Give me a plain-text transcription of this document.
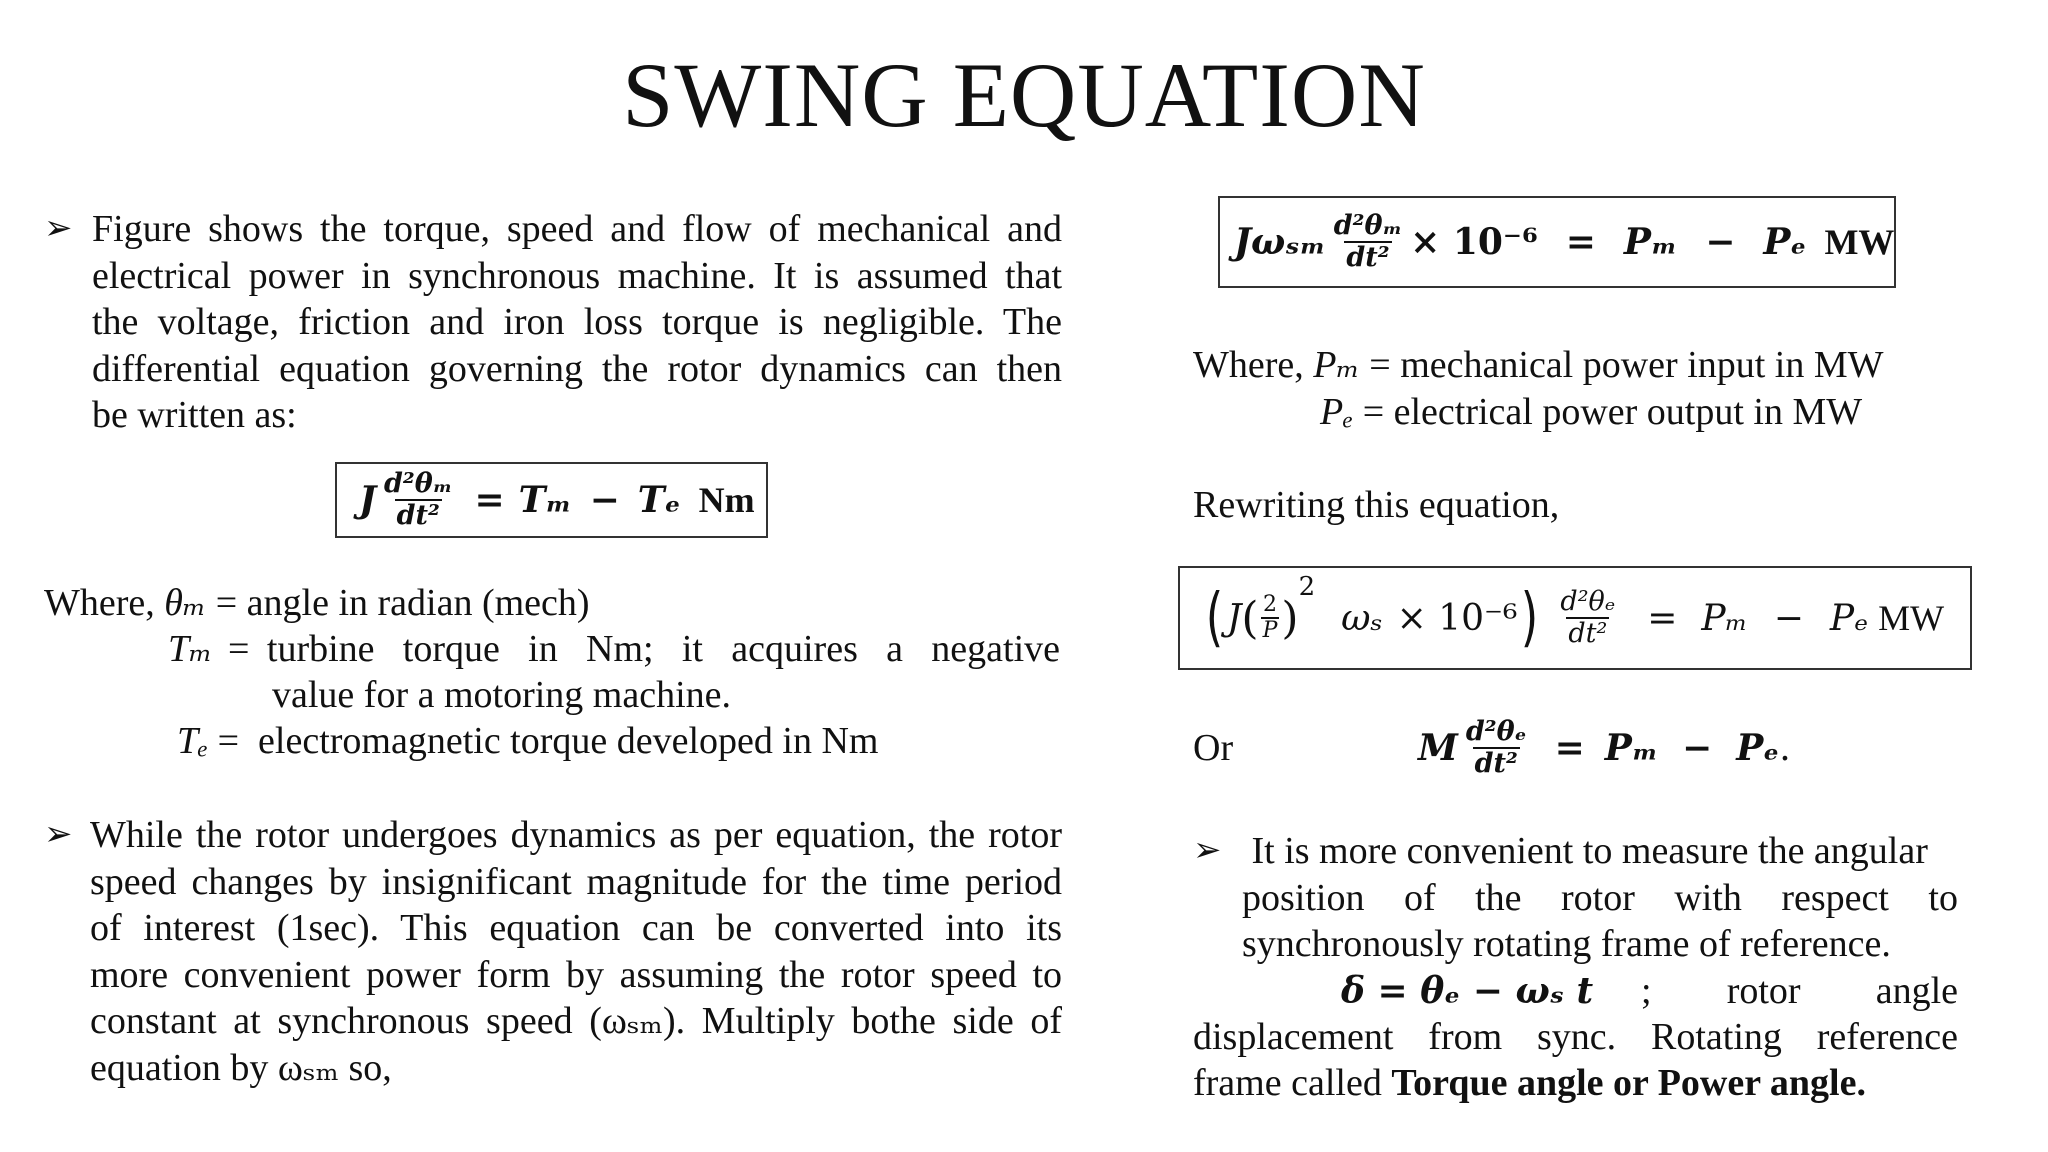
SWING EQUATION
➢ Figure shows the torque, speed and flow of mechanical and
electrical power in synchronous machine. It is assumed that
the voltage, friction and iron loss torque is negligible. The
differential equation governing the rotor dynamics can then
be written as:
J $\frac{\text{d²θₘ}}{\text{dt²}} = T_m - T_e$ Nm
Where, θₘ = angle in radian (mech)
Tₘ = turbine torque in Nm; it acquires a negative
value for a motoring machine.
Tₑ =  electromagnetic torque developed in Nm
➢ While the rotor undergoes dynamics as per equation, the rotor
speed changes by insignificant magnitude for the time period
of interest (1sec). This equation can be converted into its
more convenient power form by assuming the rotor speed to
constant at synchronous speed (ωₛₘ). Multiply bothe side of
equation by ωₛₘ so,
Jωₛₘ $\frac{\text{d²θₘ}}{\text{dt²}} \times 10^{-6} = P_m - P_e$ MW
Where, Pₘ = mechanical power input in MW
Pₑ = electrical power output in MW
Rewriting this equation,
( J ( $\frac{2}{P}$ )
$^2$
ωₛ × 10⁻⁶ ) $\frac{\text{d²θₑ}}{\text{dt²}} = P_m - P_e$ MW
Or	M $\frac{\text{d²θₑ}}{\text{dt²}} = P_m - P_e$ .
➢ It is more convenient to measure the angular
position of the rotor with respect to
synchronously rotating frame of reference.
δ = θₑ − ωₛ t	;    rotor    angle
displacement from sync. Rotating reference
frame called Torque angle or Power angle.
